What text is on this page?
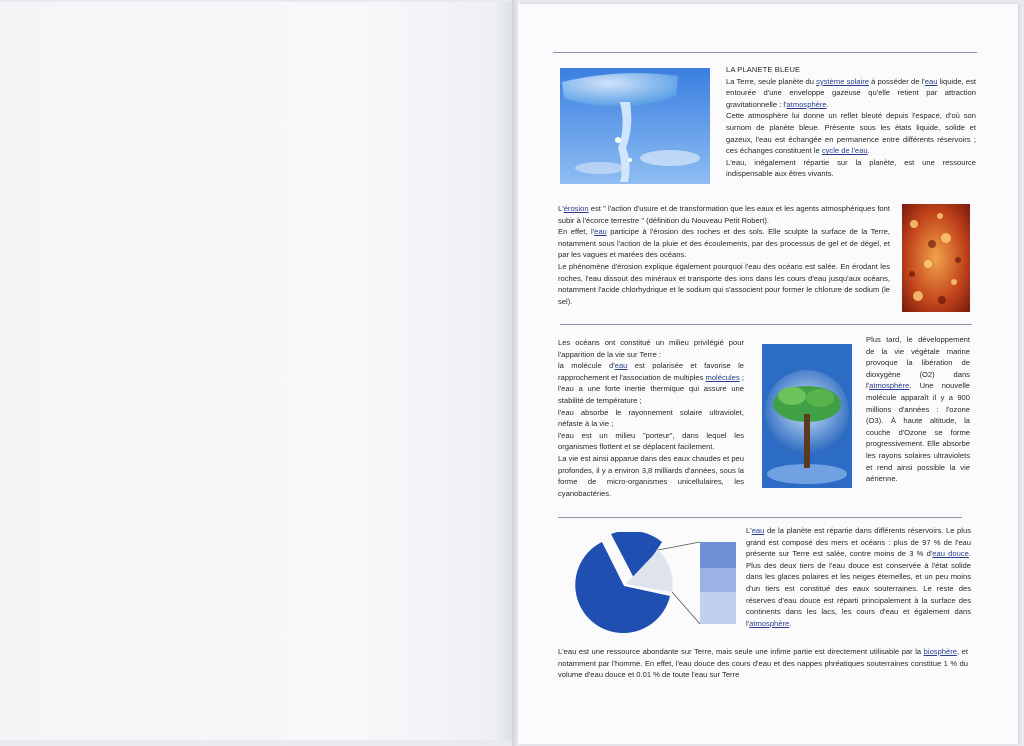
LA PLANETE BLEUE

La Terre, seule planète du système solaire à posséder de l'eau liquide, est entourée d'une enveloppe gazeuse qu'elle retient par attraction gravitationnelle : l'atmosphère.

Cette atmosphère lui donne un reflet bleuté depuis l'espace, d'où son surnom de planète bleue. Présente sous les états liquide, solide et gazeux, l'eau est échangée en permanence entre différents réservoirs ; ces échanges constituent le cycle de l'eau.

L'eau, inégalement répartie sur la planète, est une ressource indispensable aux êtres vivants.

L'érosion est " l'action d'usure et de transformation que les eaux et les agents atmosphériques font subir à l'écorce terrestre " (définition du Nouveau Petit Robert).

En effet, l'eau participe à l'érosion des roches et des sols. Elle sculpte la surface de la Terre, notamment sous l'action de la pluie et des écoulements, par des processus de gel et de dégel, et par les vagues et marées des océans.

Le phénomène d'érosion explique également pourquoi l'eau des océans est salée. En érodant les roches, l'eau dissout des minéraux et transporte des ions dans les cours d'eau jusqu'aux océans, notamment l'acide chlorhydrique et le sodium qui s'associent pour former le chlorure de sodium (le sel).

Les océans ont constitué un milieu privilégié pour l'apparition de la vie sur Terre :

la molécule d'eau est polarisée et favorise le rapprochement et l'association de multiples molécules ;

l'eau a une forte inertie thermique qui assure une stabilité de température ;

l'eau absorbe le rayonnement solaire ultraviolet, néfaste à la vie ;

l'eau est un milieu "porteur", dans lequel les organismes flottent et se déplacent facilement.

La vie est ainsi apparue dans des eaux chaudes et peu profondes, il y a environ 3,8 milliards d'années, sous la forme de micro-organismes unicellulaires, les cyanobactéries.

Plus tard, le développement de la vie végétale marine provoque la libération de dioxygène (O2) dans l'atmosphère. Une nouvelle molécule apparaît il y a 900 millions d'années : l'ozone (O3). À haute altitude, la couche d'Ozone se forme progressivement. Elle absorbe les rayons solaires ultraviolets et rend ainsi possible la vie aérienne.

L'eau de la planète est répartie dans différents réservoirs. Le plus grand est composé des mers et océans : plus de 97 % de l'eau présente sur Terre est salée, contre moins de 3 % d'eau douce. Plus des deux tiers de l'eau douce est conservée à l'état solide dans les glaces polaires et les neiges éternelles, et un peu moins d'un tiers est constitué des eaux souterraines. Le reste des réserves d'eau douce est réparti principalement à la surface des continents dans les lacs, les cours d'eau et également dans l'atmosphère.

L'eau est une ressource abondante sur Terre, mais seule une infime partie est directement utilisable par la biosphère, et notamment par l'homme. En effet, l'eau douce des cours d'eau et des nappes phréatiques souterraines constitue 1 % du volume d'eau douce et 0.01 % de toute l'eau sur Terre
